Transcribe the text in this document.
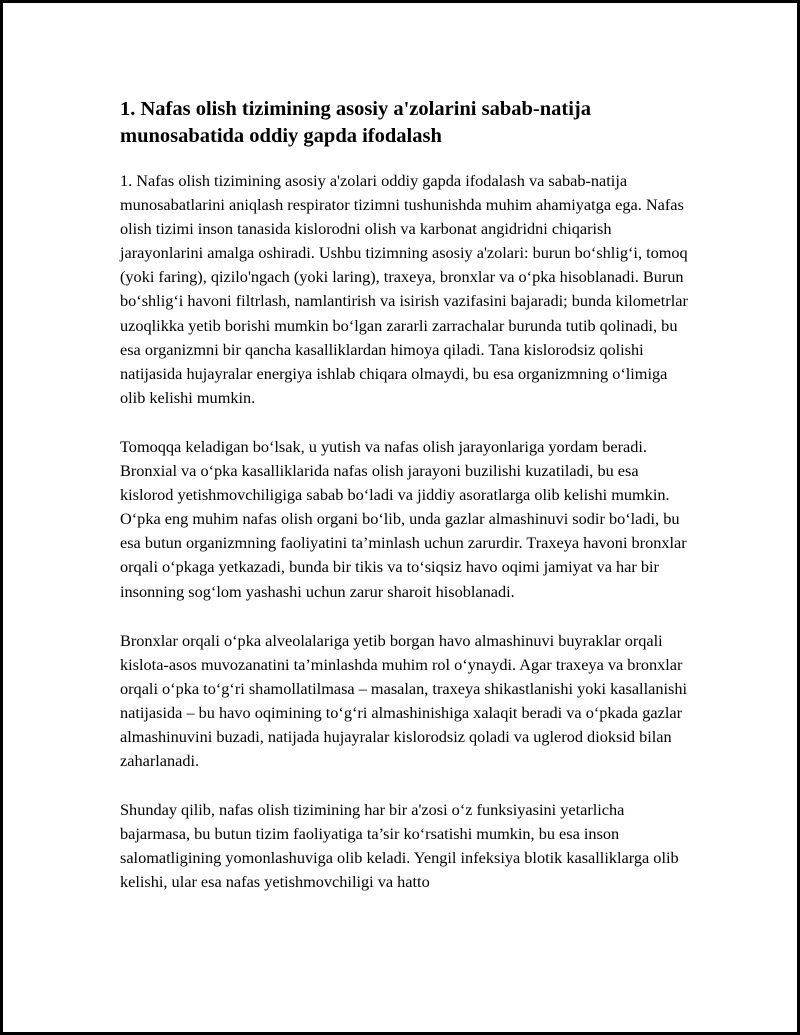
1. Nafas olish tizimining asosiy a'zolarini sabab-natija munosabatida oddiy gapda ifodalash

1. Nafas olish tizimining asosiy a'zolari oddiy gapda ifodalash va sabab-natija munosabatlarini aniqlash respirator tizimni tushunishda muhim ahamiyatga ega. Nafas olish tizimi inson tanasida kislorodni olish va karbonat angidridni chiqarish jarayonlarini amalga oshiradi. Ushbu tizimning asosiy a'zolari: burun bo‘shlig‘i, tomoq (yoki faring), qizilo'ngach (yoki laring), traxeya, bronxlar va o‘pka hisoblanadi. Burun bo‘shlig‘i havoni filtrlash, namlantirish va isirish vazifasini bajaradi; bunda kilometrlar uzoqlikka yetib borishi mumkin bo‘lgan zararli zarrachalar burunda tutib qolinadi, bu esa organizmni bir qancha kasalliklardan himoya qiladi. Tana kislorodsiz qolishi natijasida hujayralar energiya ishlab chiqara olmaydi, bu esa organizmning o‘limiga olib kelishi mumkin.

Tomoqqa keladigan bo‘lsak, u yutish va nafas olish jarayonlariga yordam beradi. Bronxial va o‘pka kasalliklarida nafas olish jarayoni buzilishi kuzatiladi, bu esa kislorod yetishmovchiligiga sabab bo‘ladi va jiddiy asoratlarga olib kelishi mumkin. O‘pka eng muhim nafas olish organi bo‘lib, unda gazlar almashinuvi sodir bo‘ladi, bu esa butun organizmning faoliyatini ta’minlash uchun zarurdir. Traxeya havoni bronxlar orqali o‘pkaga yetkazadi, bunda bir tikis va to‘siqsiz havo oqimi jamiyat va har bir insonning sog‘lom yashashi uchun zarur sharoit hisoblanadi.

Bronxlar orqali o‘pka alveolalariga yetib borgan havo almashinuvi buyraklar orqali kislota-asos muvozanatini ta’minlashda muhim rol o‘ynaydi. Agar traxeya va bronxlar orqali o‘pka to‘g‘ri shamollatilmasa – masalan, traxeya shikastlanishi yoki kasallanishi natijasida – bu havo oqimining to‘g‘ri almashinishiga xalaqit beradi va o‘pkada gazlar almashinuvini buzadi, natijada hujayralar kislorodsiz qoladi va uglerod dioksid bilan zaharlanadi.

Shunday qilib, nafas olish tizimining har bir a'zosi o‘z funksiyasini yetarlicha bajarmasa, bu butun tizim faoliyatiga ta’sir ko‘rsatishi mumkin, bu esa inson salomatligining yomonlashuviga olib keladi. Yengil infeksiya blotik kasalliklarga olib kelishi, ular esa nafas yetishmovchiligi va hatto
